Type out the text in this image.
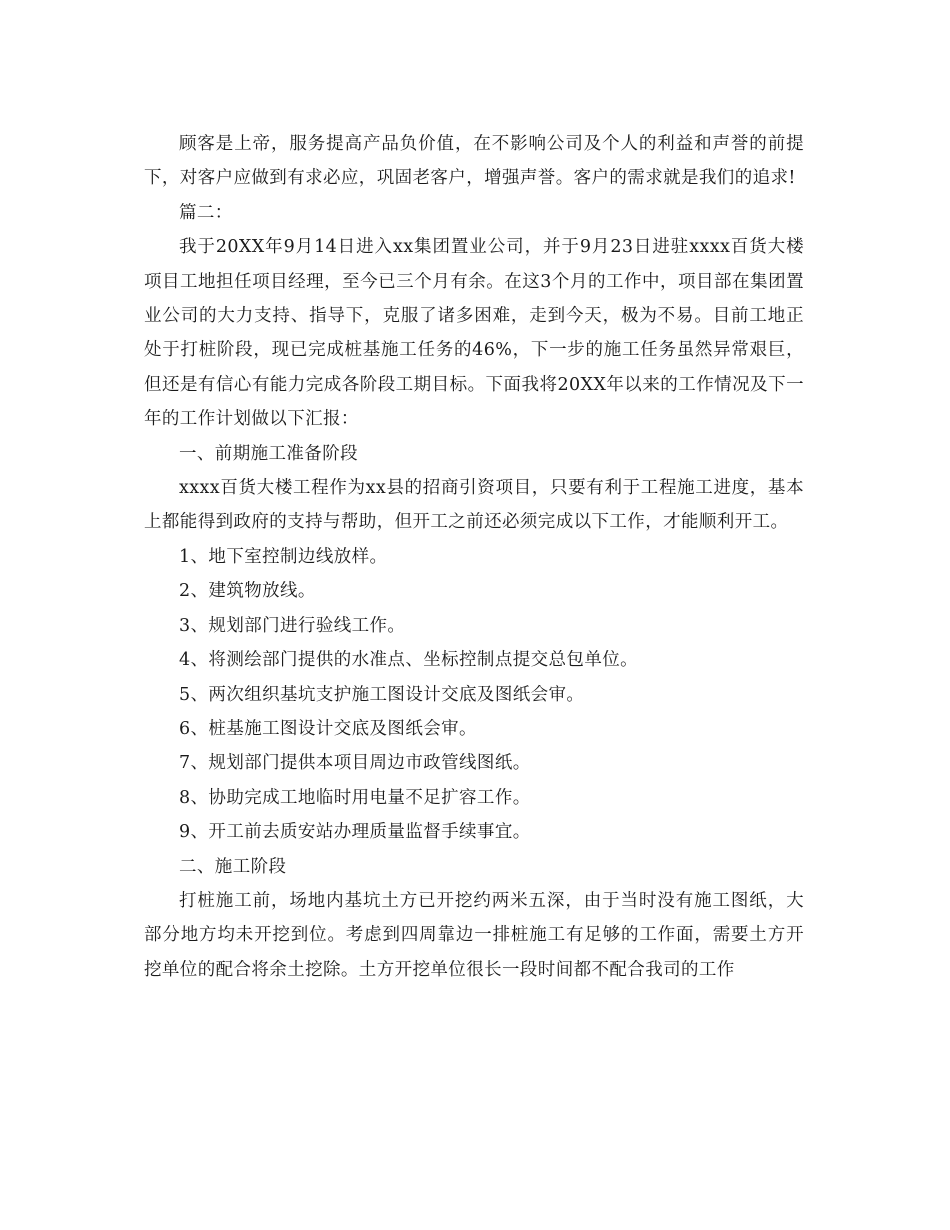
顾客是上帝，服务提高产品负价值，在不影响公司及个人的利益和声誉的前提下，对客户应做到有求必应，巩固老客户，增强声誉。客户的需求就是我们的追求!

篇二：

我于20XX年9月14日进入xx集团置业公司，并于9月23日进驻xxxx百货大楼项目工地担任项目经理，至今已三个月有余。在这3个月的工作中，项目部在集团置业公司的大力支持、指导下，克服了诸多困难，走到今天，极为不易。目前工地正处于打桩阶段，现已完成桩基施工任务的46%，下一步的施工任务虽然异常艰巨，但还是有信心有能力完成各阶段工期目标。下面我将20XX年以来的工作情况及下一年的工作计划做以下汇报：

一、前期施工准备阶段

xxxx百货大楼工程作为xx县的招商引资项目，只要有利于工程施工进度，基本上都能得到政府的支持与帮助，但开工之前还必须完成以下工作，才能顺利开工。

1、地下室控制边线放样。

2、建筑物放线。

3、规划部门进行验线工作。

4、将测绘部门提供的水准点、坐标控制点提交总包单位。

5、两次组织基坑支护施工图设计交底及图纸会审。

6、桩基施工图设计交底及图纸会审。

7、规划部门提供本项目周边市政管线图纸。

8、协助完成工地临时用电量不足扩容工作。

9、开工前去质安站办理质量监督手续事宜。

二、施工阶段

打桩施工前，场地内基坑土方已开挖约两米五深，由于当时没有施工图纸，大部分地方均未开挖到位。考虑到四周靠边一排桩施工有足够的工作面，需要土方开挖单位的配合将余土挖除。土方开挖单位很长一段时间都不配合我司的工作
